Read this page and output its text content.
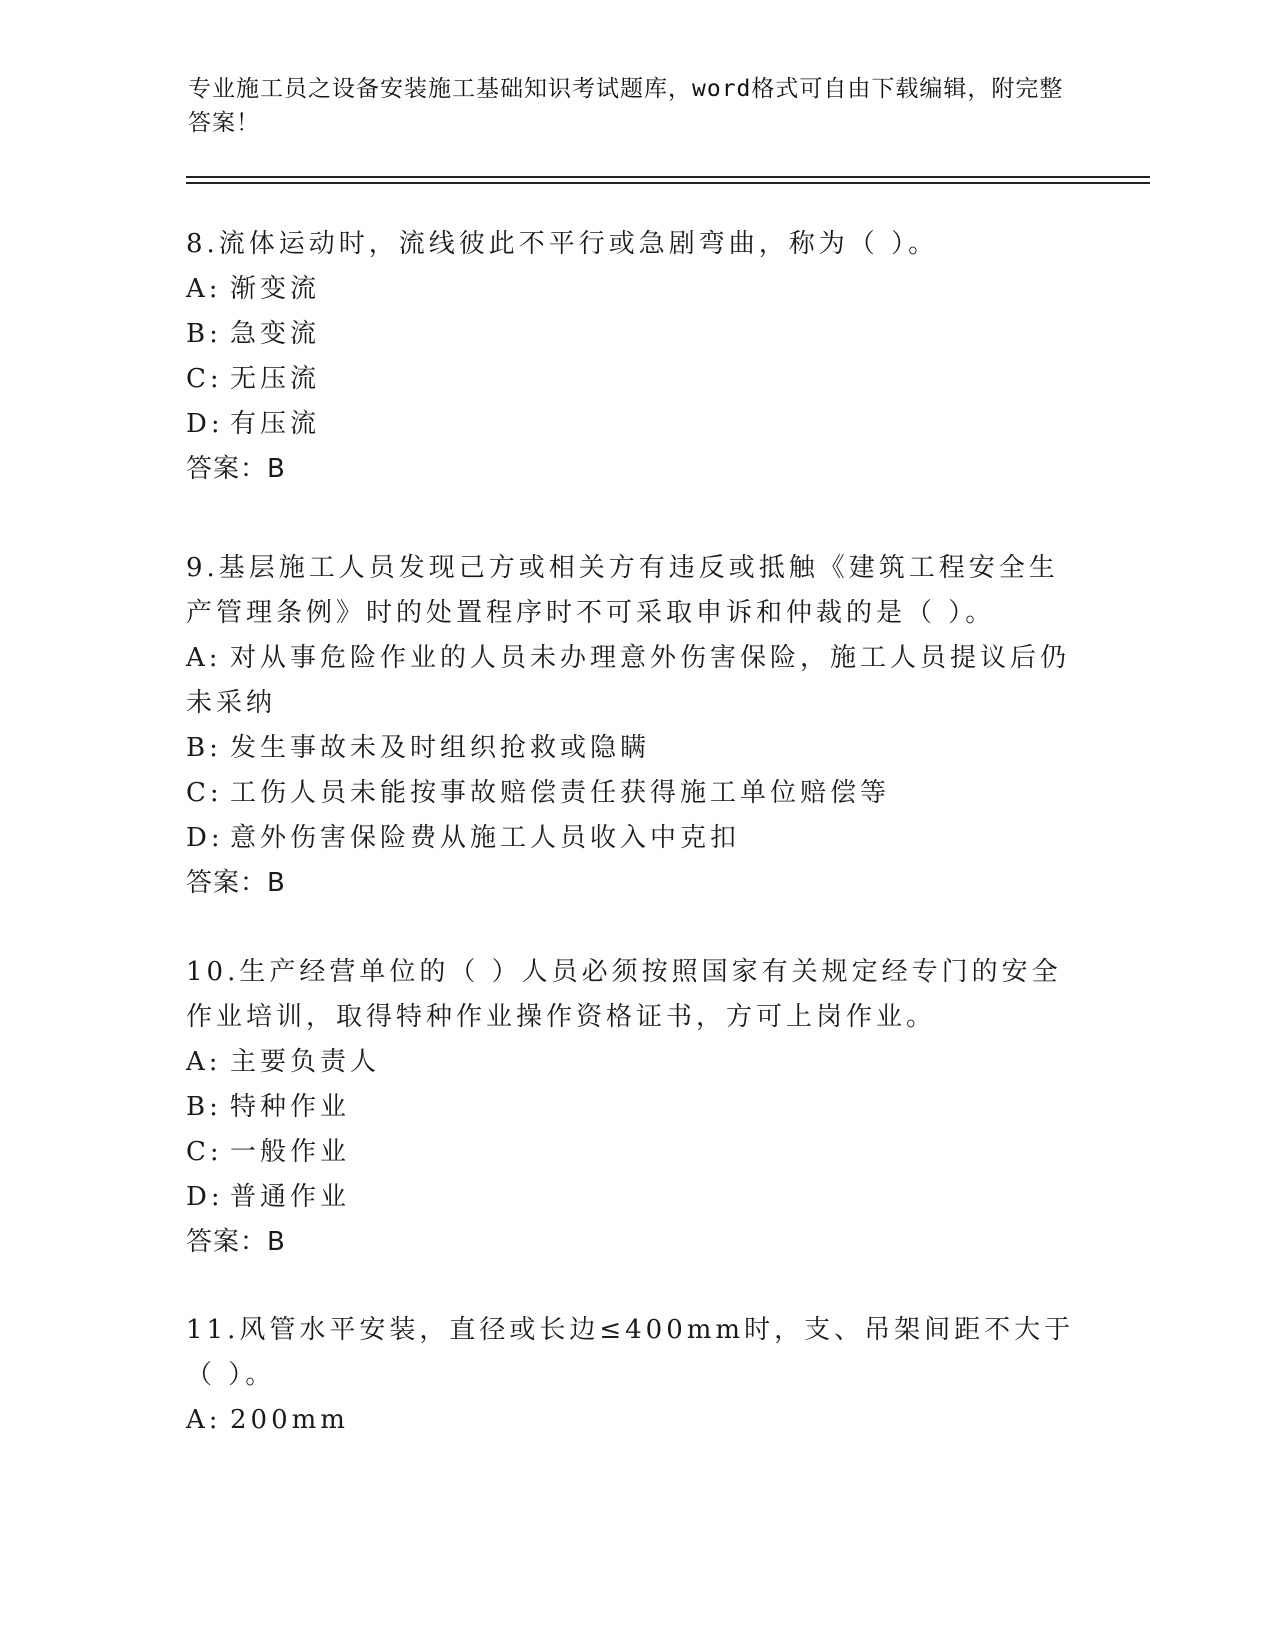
专业施工员之设备安装施工基础知识考试题库，word格式可自由下载编辑，附完整答案！

8.流体运动时，流线彼此不平行或急剧弯曲，称为（ ）。

A: 渐变流
B: 急变流
C: 无压流
D: 有压流

答案：B

9.基层施工人员发现己方或相关方有违反或抵触《建筑工程安全生产管理条例》时的处置程序时不可采取申诉和仲裁的是（ ）。

A: 对从事危险作业的人员未办理意外伤害保险，施工人员提议后仍未采纳
B: 发生事故未及时组织抢救或隐瞒
C: 工伤人员未能按事故赔偿责任获得施工单位赔偿等
D: 意外伤害保险费从施工人员收入中克扣

答案：B

10.生产经营单位的（ ）人员必须按照国家有关规定经专门的安全作业培训，取得特种作业操作资格证书，方可上岗作业。

A: 主要负责人
B: 特种作业
C: 一般作业
D: 普通作业

答案：B

11.风管水平安装，直径或长边≤400mm时，支、吊架间距不大于（ ）。

A: 200mm
